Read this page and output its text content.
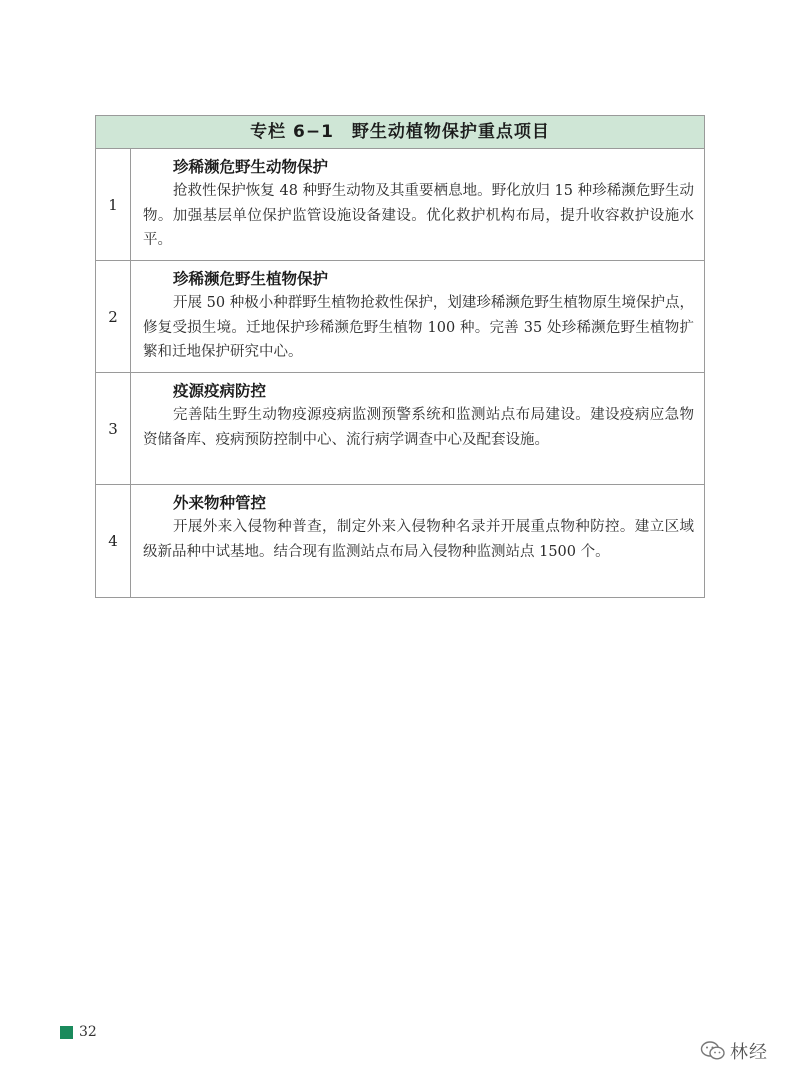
专栏 6−1　野生动植物保护重点项目
1
珍稀濒危野生动物保护
抢救性保护恢复 48 种野生动物及其重要栖息地。野化放归 15 种珍稀濒危野生动物。加强基层单位保护监管设施设备建设。优化救护机构布局，提升收容救护设施水平。
2
珍稀濒危野生植物保护
开展 50 种极小种群野生植物抢救性保护，划建珍稀濒危野生植物原生境保护点，修复受损生境。迁地保护珍稀濒危野生植物 100 种。完善 35 处珍稀濒危野生植物扩繁和迁地保护研究中心。
3
疫源疫病防控
完善陆生野生动物疫源疫病监测预警系统和监测站点布局建设。建设疫病应急物资储备库、疫病预防控制中心、流行病学调查中心及配套设施。
4
外来物种管控
开展外来入侵物种普查，制定外来入侵物种名录并开展重点物种防控。建立区域级新品种中试基地。结合现有监测站点布局入侵物种监测站点 1500 个。
32
林经
